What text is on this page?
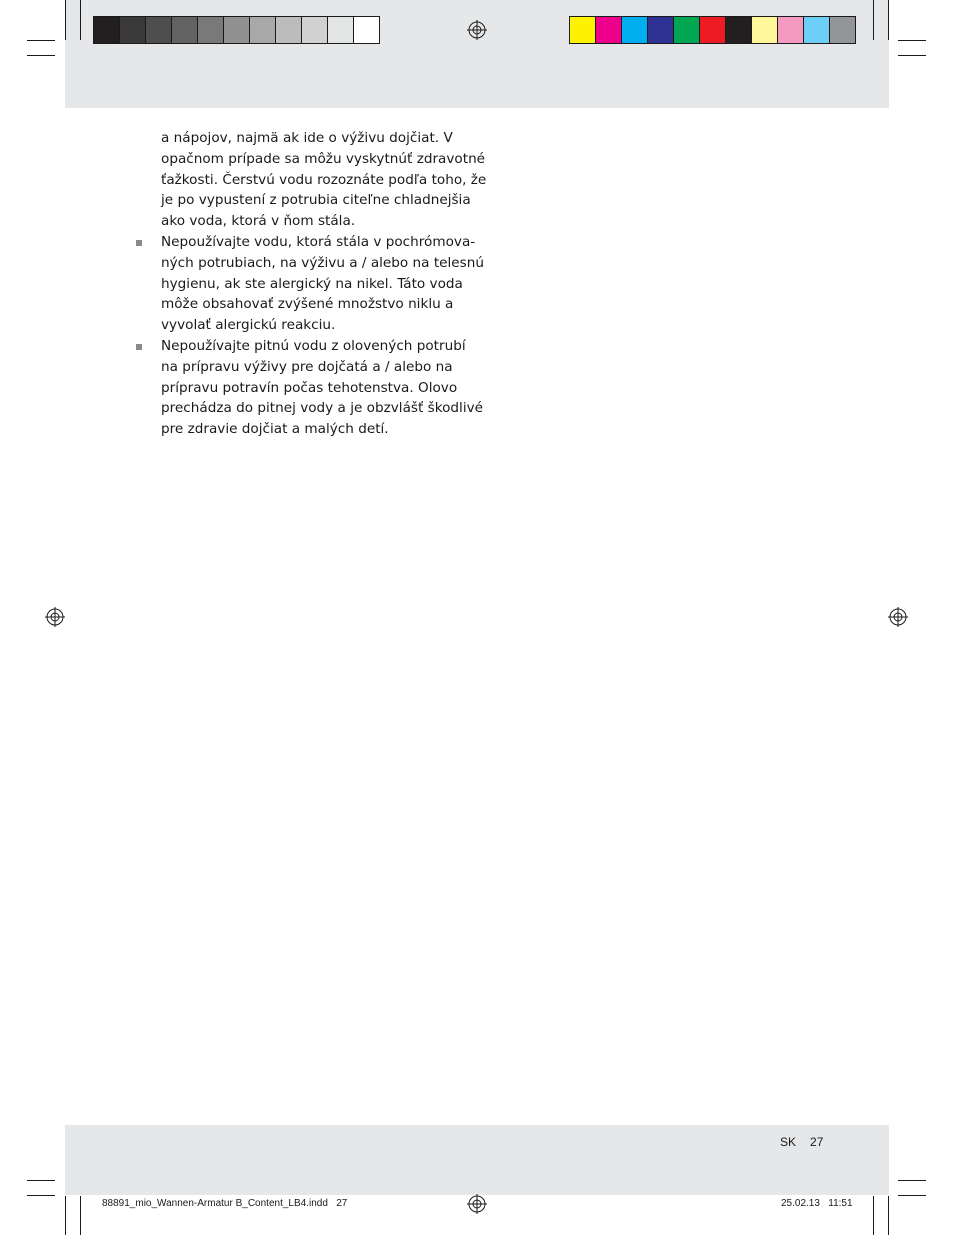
a nápojov, najmä ak ide o výživu dojčiat. V
opačnom prípade sa môžu vyskytnúť zdravotné
ťažkosti. Čerstvú vodu rozoznáte podľa toho, že
je po vypustení z potrubia citeľne chladnejšia
ako voda, ktorá v ňom stála.

Nepoužívajte vodu, ktorá stála v pochrómova-
ných potrubiach, na výživu a / alebo na telesnú
hygienu, ak ste alergický na nikel. Táto voda
môže obsahovať zvýšené množstvo niklu a
vyvolať alergickú reakciu.

Nepoužívajte pitnú vodu z olovených potrubí
na prípravu výživy pre dojčatá a / alebo na
prípravu potravín počas tehotenstva. Olovo
prechádza do pitnej vody a je obzvlášť škodlivé
pre zdravie dojčiat a malých detí.

SK 27
88891_mio_Wannen-Armatur B_Content_LB4.indd   27	25.02.13   11:51
